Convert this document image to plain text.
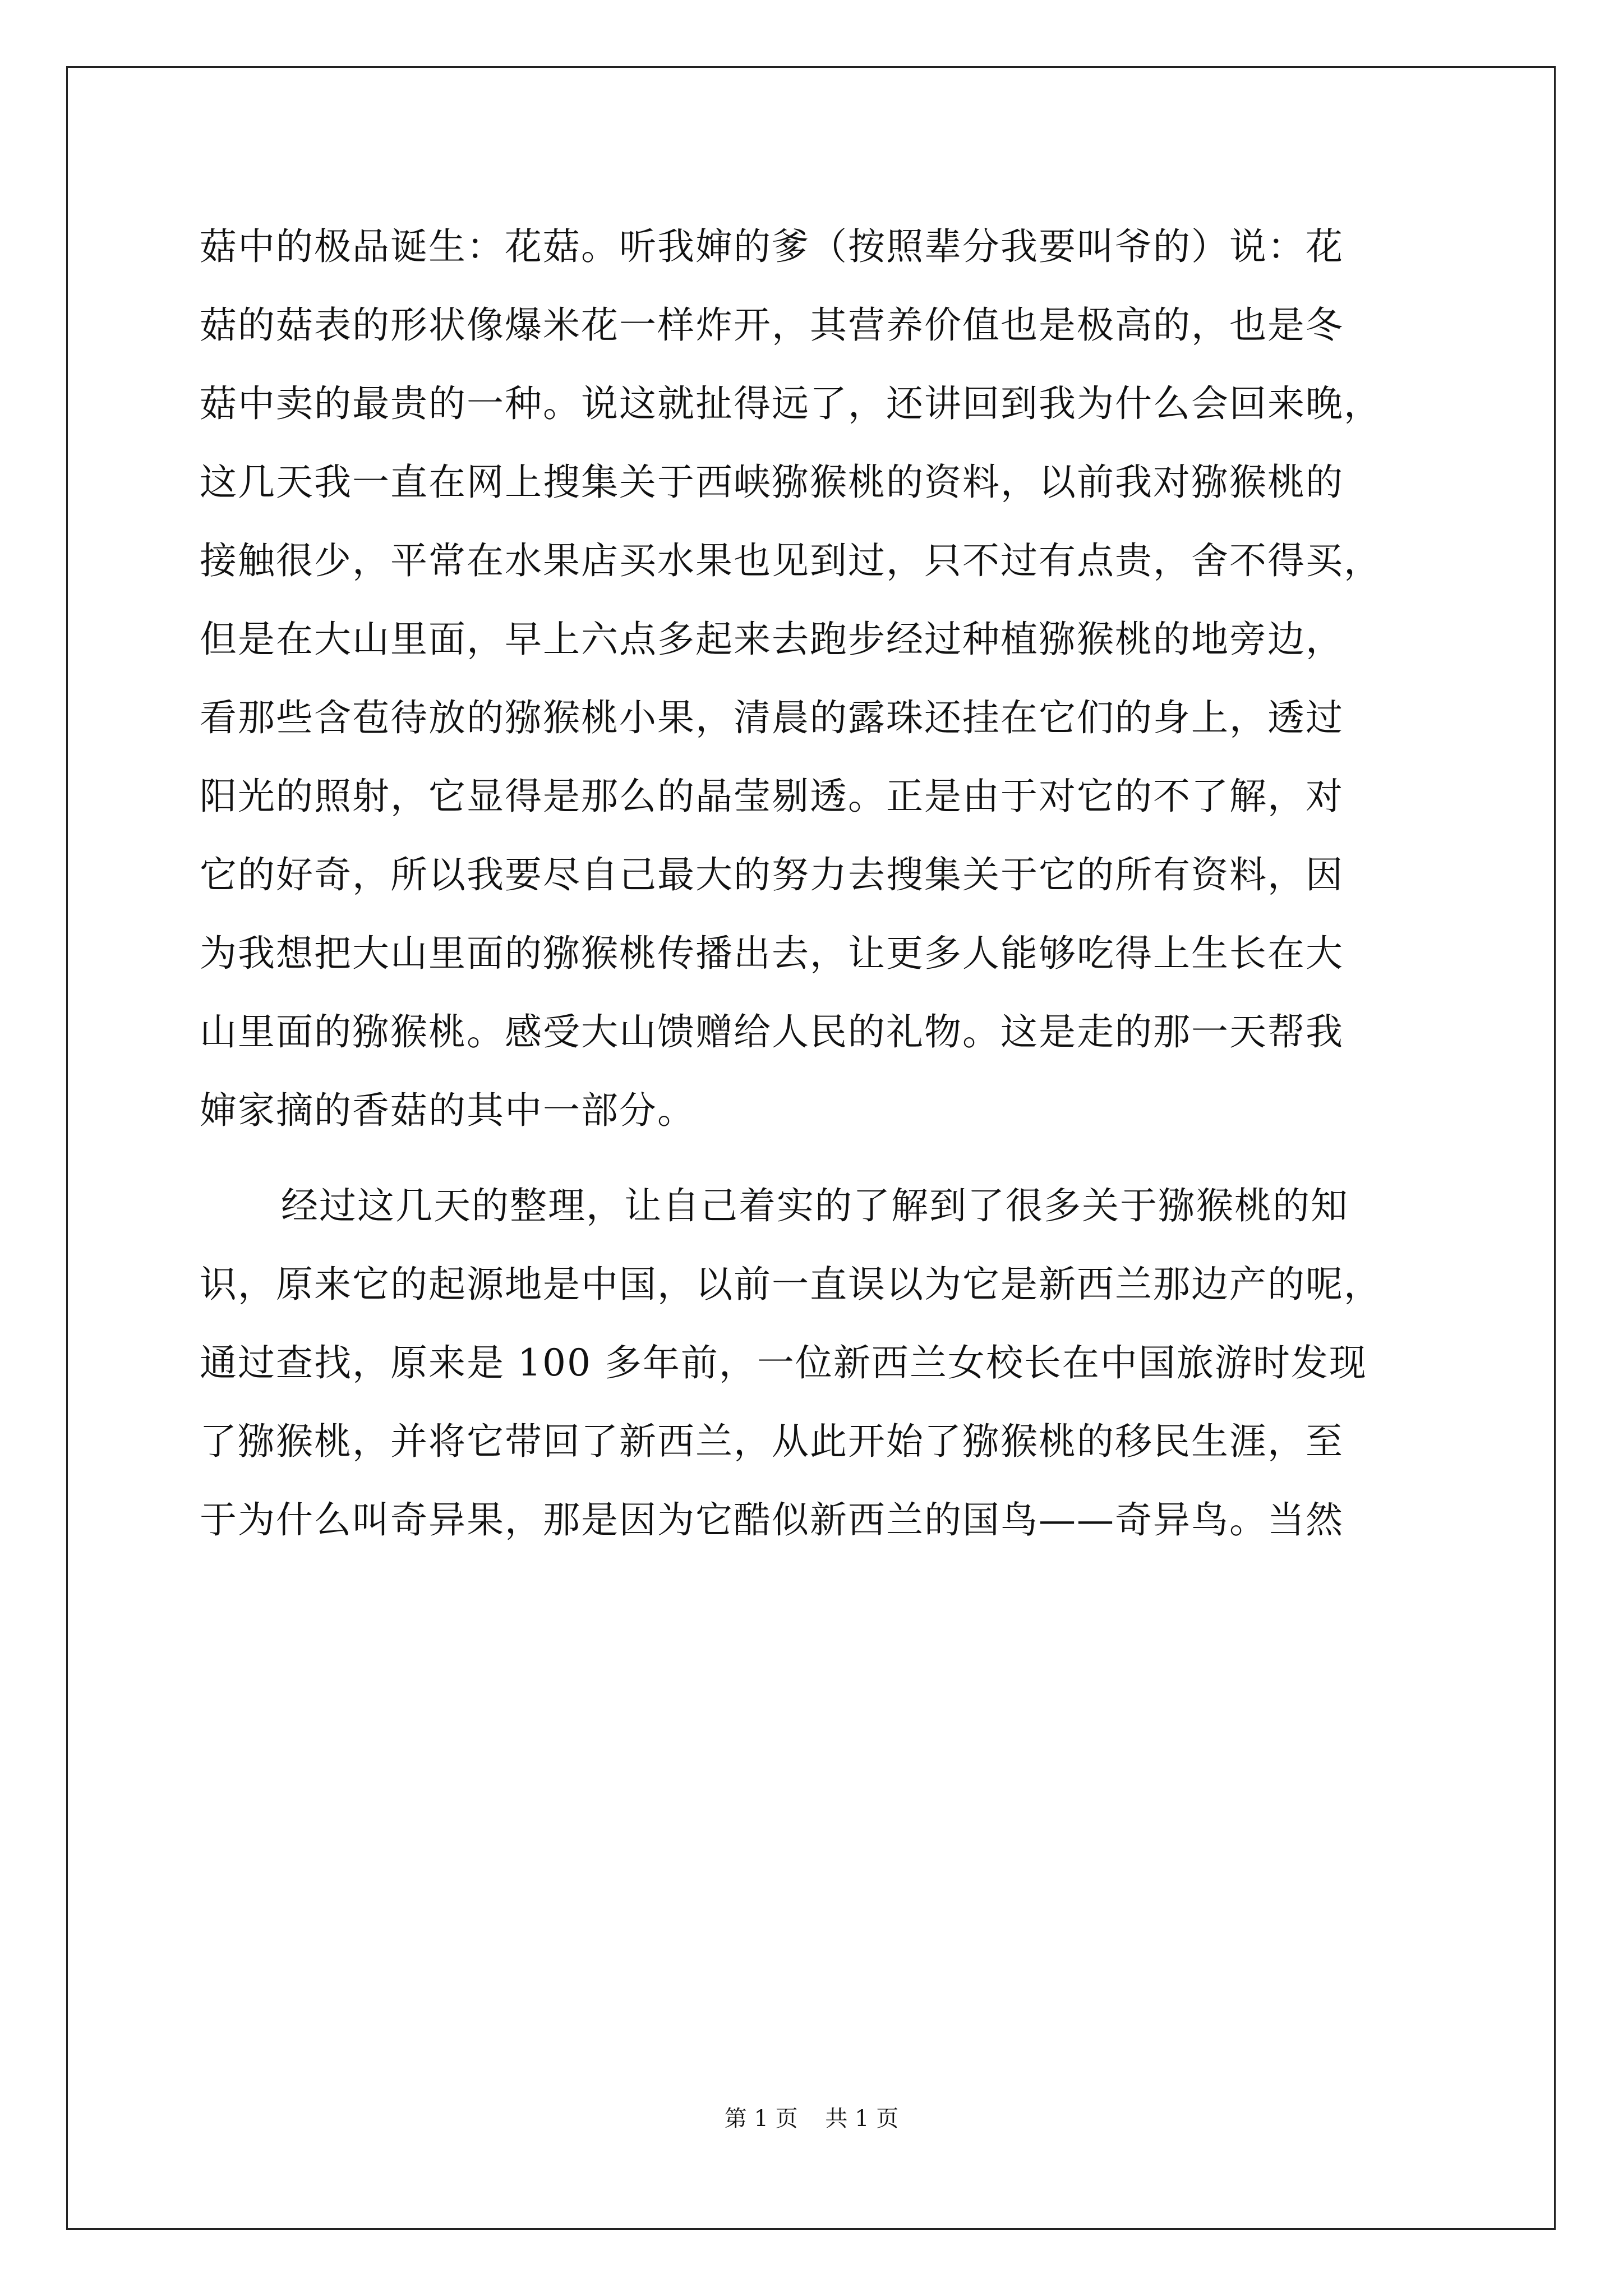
菇中的极品诞生：花菇。听我婶的爹（按照辈分我要叫爷的）说：花
菇的菇表的形状像爆米花一样炸开，其营养价值也是极高的，也是冬
菇中卖的最贵的一种。说这就扯得远了，还讲回到我为什么会回来晚，
这几天我一直在网上搜集关于西峡猕猴桃的资料，以前我对猕猴桃的
接触很少，平常在水果店买水果也见到过，只不过有点贵，舍不得买，
但是在大山里面，早上六点多起来去跑步经过种植猕猴桃的地旁边，
看那些含苞待放的猕猴桃小果，清晨的露珠还挂在它们的身上，透过
阳光的照射，它显得是那么的晶莹剔透。正是由于对它的不了解，对
它的好奇，所以我要尽自己最大的努力去搜集关于它的所有资料，因
为我想把大山里面的猕猴桃传播出去，让更多人能够吃得上生长在大
山里面的猕猴桃。感受大山馈赠给人民的礼物。这是走的那一天帮我
婶家摘的香菇的其中一部分。
经过这几天的整理，让自己着实的了解到了很多关于猕猴桃的知
识，原来它的起源地是中国，以前一直误以为它是新西兰那边产的呢，
通过查找，原来是 100 多年前，一位新西兰女校长在中国旅游时发现
了猕猴桃，并将它带回了新西兰，从此开始了猕猴桃的移民生涯，至
于为什么叫奇异果，那是因为它酷似新西兰的国鸟——奇异鸟。当然
第 1 页 共 1 页
